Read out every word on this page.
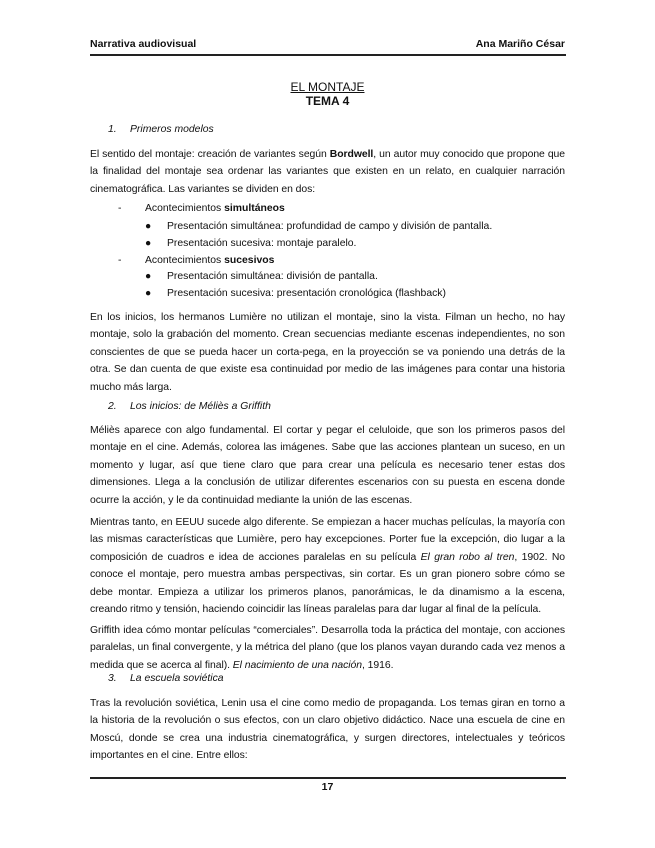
Narrativa audiovisual	Ana Mariño César
EL MONTAJE
TEMA 4
1. Primeros modelos
El sentido del montaje: creación de variantes según Bordwell, un autor muy conocido que propone que la finalidad del montaje sea ordenar las variantes que existen en un relato, en cualquier narración cinematográfica. Las variantes se dividen en dos:
- Acontecimientos simultáneos
● Presentación simultánea: profundidad de campo y división de pantalla.
● Presentación sucesiva: montaje paralelo.
- Acontecimientos sucesivos
● Presentación simultánea: división de pantalla.
● Presentación sucesiva: presentación cronológica (flashback)
En los inicios, los hermanos Lumière no utilizan el montaje, sino la vista. Filman un hecho, no hay montaje, solo la grabación del momento. Crean secuencias mediante escenas independientes, no son conscientes de que se pueda hacer un corta-pega, en la proyección se va poniendo una detrás de la otra. Se dan cuenta de que existe esa continuidad por medio de las imágenes para contar una historia mucho más larga.
2. Los inicios: de Méliès a Griffith
Méliès aparece con algo fundamental. El cortar y pegar el celuloide, que son los primeros pasos del montaje en el cine. Además, colorea las imágenes. Sabe que las acciones plantean un suceso, en un momento y lugar, así que tiene claro que para crear una película es necesario tener estas dos dimensiones. Llega a la conclusión de utilizar diferentes escenarios con su puesta en escena donde ocurre la acción, y le da continuidad mediante la unión de las escenas.
Mientras tanto, en EEUU sucede algo diferente. Se empiezan a hacer muchas películas, la mayoría con las mismas características que Lumière, pero hay excepciones. Porter fue la excepción, dio lugar a la composición de cuadros e idea de acciones paralelas en su película El gran robo al tren, 1902. No conoce el montaje, pero muestra ambas perspectivas, sin cortar. Es un gran pionero sobre cómo se debe montar. Empieza a utilizar los primeros planos, panorámicas, le da dinamismo a la escena, creando ritmo y tensión, haciendo coincidir las líneas paralelas para dar lugar al final de la película.
Griffith idea cómo montar películas “comerciales”. Desarrolla toda la práctica del montaje, con acciones paralelas, un final convergente, y la métrica del plano (que los planos vayan durando cada vez menos a medida que se acerca al final). El nacimiento de una nación, 1916.
3. La escuela soviética
Tras la revolución soviética, Lenin usa el cine como medio de propaganda. Los temas giran en torno a la historia de la revolución o sus efectos, con un claro objetivo didáctico. Nace una escuela de cine en Moscú, donde se crea una industria cinematográfica, y surgen directores, intelectuales y teóricos importantes en el cine. Entre ellos:
17
